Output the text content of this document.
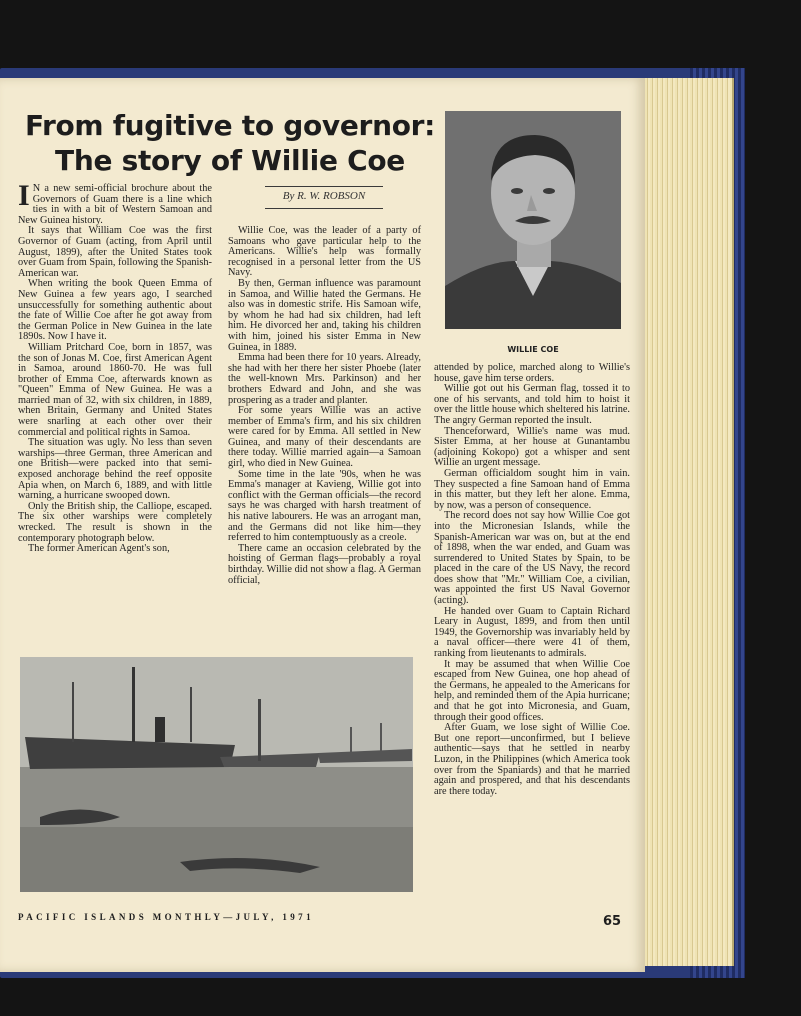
From fugitive to governor:
The story of Willie Coe
By R. W. ROBSON

I N a new semi-official brochure about the Governors of Guam there is a line which ties in with a bit of Western Samoan and New Guinea history.

It says that William Coe was the first Governor of Guam (acting, from April until August, 1899), after the United States took over Guam from Spain, following the Spanish-American war.

When writing the book Queen Emma of New Guinea a few years ago, I searched unsuccessfully for something authentic about the fate of Willie Coe after he got away from the German Police in New Guinea in the late 1890s. Now I have it.

William Pritchard Coe, born in 1857, was the son of Jonas M. Coe, first American Agent in Samoa, around 1860-70. He was full brother of Emma Coe, afterwards known as "Queen" Emma of New Guinea. He was a married man of 32, with six children, in 1889, when Britain, Germany and United States were snarling at each other over their commercial and political rights in Samoa.

The situation was ugly. No less than seven warships—three German, three American and one British—were packed into that semi-exposed anchorage behind the reef opposite Apia when, on March 6, 1889, and with little warning, a hurricane swooped down.

Only the British ship, the Calliope, escaped. The six other warships were completely wrecked. The result is shown in the contemporary photograph below.

The former American Agent's son,

Willie Coe, was the leader of a party of Samoans who gave particular help to the Americans. Willie's help was formally recognised in a personal letter from the US Navy.

By then, German influence was paramount in Samoa, and Willie hated the Germans. He also was in domestic strife. His Samoan wife, by whom he had had six children, had left him. He divorced her and, taking his children with him, joined his sister Emma in New Guinea, in 1889.

Emma had been there for 10 years. Already, she had with her there her sister Phoebe (later the well-known Mrs. Parkinson) and her brothers Edward and John, and she was prospering as a trader and planter.

For some years Willie was an active member of Emma's firm, and his six children were cared for by Emma. All settled in New Guinea, and many of their descendants are there today. Willie married again—a Samoan girl, who died in New Guinea.

Some time in the late '90s, when he was Emma's manager at Kavieng, Willie got into conflict with the German officials—the record says he was charged with harsh treatment of his native labourers. He was an arrogant man, and the Germans did not like him—they referred to him contemptuously as a creole.

There came an occasion celebrated by the hoisting of German flags—probably a royal birthday. Willie did not show a flag. A German official,

WILLIE COE

attended by police, marched along to Willie's house, gave him terse orders.

Willie got out his German flag, tossed it to one of his servants, and told him to hoist it over the little house which sheltered his latrine. The angry German reported the insult.

Thenceforward, Willie's name was mud. Sister Emma, at her house at Gunantambu (adjoining Kokopo) got a whisper and sent Willie an urgent message.

German officialdom sought him in vain. They suspected a fine Samoan hand of Emma in this matter, but they left her alone. Emma, by now, was a person of consequence.

The record does not say how Willie Coe got into the Micronesian Islands, while the Spanish-American war was on, but at the end of 1898, when the war ended, and Guam was surrendered to United States by Spain, to be placed in the care of the US Navy, the record does show that "Mr." William Coe, a civilian, was appointed the first US Naval Governor (acting).

He handed over Guam to Captain Richard Leary in August, 1899, and from then until 1949, the Governorship was invariably held by a naval officer—there were 41 of them, ranking from lieutenants to admirals.

It may be assumed that when Willie Coe escaped from New Guinea, one hop ahead of the Germans, he appealed to the Americans for help, and reminded them of the Apia hurricane; and that he got into Micronesia, and Guam, through their good offices.

After Guam, we lose sight of Willie Coe. But one report—unconfirmed, but I believe authentic—says that he settled in nearby Luzon, in the Philippines (which America took over from the Spaniards) and that he married again and prospered, and that his descendants are there today.

PACIFIC ISLANDS MONTHLY—JULY, 1971	65
